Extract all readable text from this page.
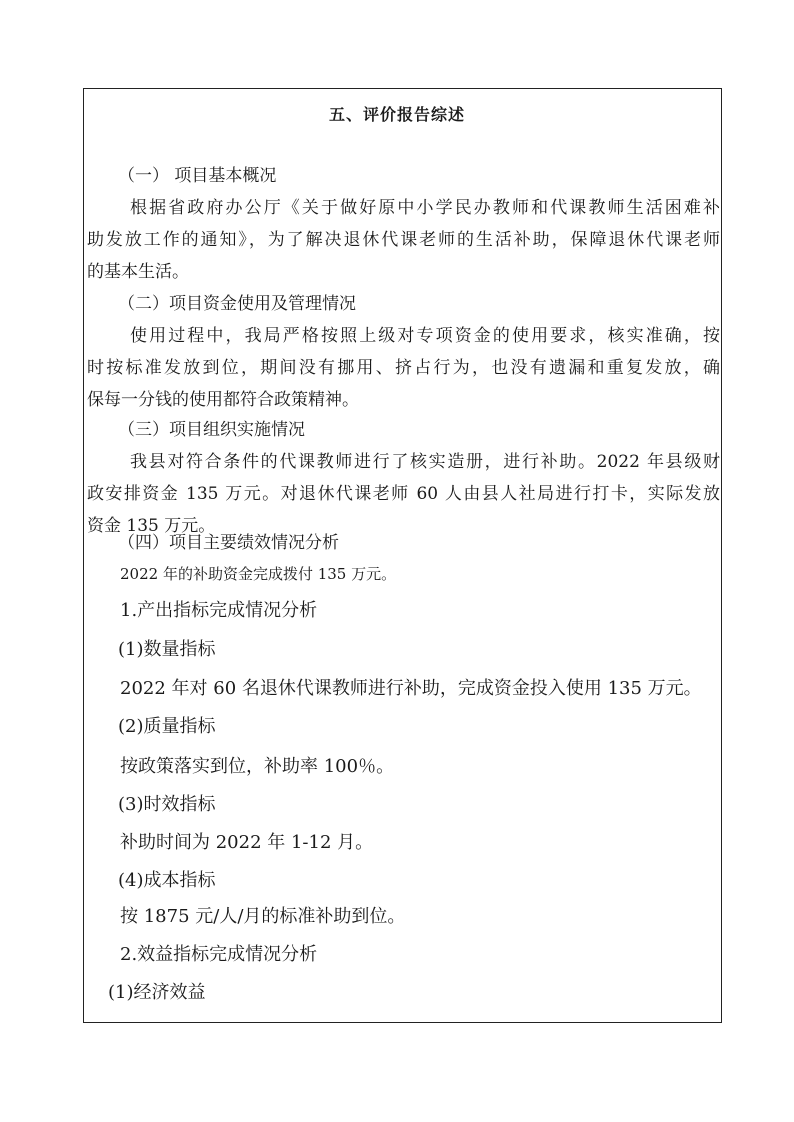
五、评价报告综述
（一） 项目基本概况
根据省政府办公厅《关于做好原中小学民办教师和代课教师生活困难补
助发放工作的通知》，为了解决退休代课老师的生活补助，保障退休代课老师
的基本生活。
（二）项目资金使用及管理情况
使用过程中，我局严格按照上级对专项资金的使用要求，核实准确，按
时按标准发放到位，期间没有挪用、挤占行为，也没有遗漏和重复发放，确
保每一分钱的使用都符合政策精神。
（三）项目组织实施情况
我县对符合条件的代课教师进行了核实造册，进行补助。2022 年县级财
政安排资金 135 万元。对退休代课老师 60 人由县人社局进行打卡，实际发放
资金 135 万元。
（四）项目主要绩效情况分析
2022 年的补助资金完成拨付 135 万元。
1.产出指标完成情况分析
(1)数量指标
2022 年对 60 名退休代课教师进行补助，完成资金投入使用 135 万元。
(2)质量指标
按政策落实到位，补助率 100％。
(3)时效指标
补助时间为 2022 年 1-12 月。
(4)成本指标
按 1875 元/人/月的标准补助到位。
2.效益指标完成情况分析
(1)经济效益
